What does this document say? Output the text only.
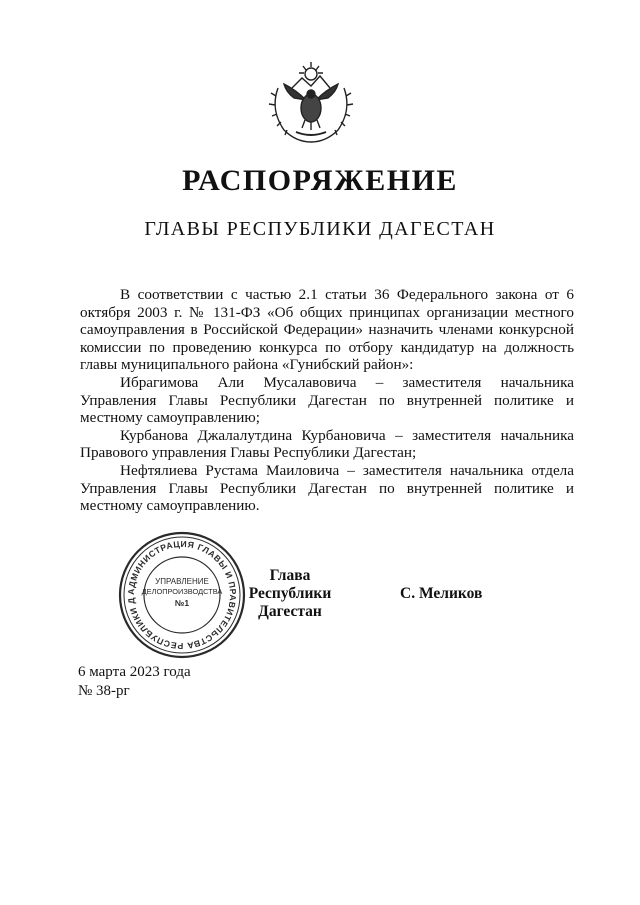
РАСПОРЯЖЕНИЕ
ГЛАВЫ РЕСПУБЛИКИ ДАГЕСТАН

В соответствии с частью 2.1 статьи 36 Федерального закона от 6 октября 2003 г. № 131-ФЗ «Об общих принципах организации местного самоуправления в Российской Федерации» назначить членами конкурсной комиссии по проведению конкурса по отбору кандидатур на должность главы муниципального района «Гунибский район»:

Ибрагимова Али Мусалавовича – заместителя начальника Управления Главы Республики Дагестан по внутренней политике и местному самоуправлению;

Курбанова Джалалутдина Курбановича – заместителя начальника Правового управления Главы Республики Дагестан;

Нефтялиева Рустама Маиловича – заместителя начальника отдела Управления Главы Республики Дагестан по внутренней политике и местному самоуправлению.

АДМИНИСТРАЦИЯ ГЛАВЫ И ПРАВИТЕЛЬСТВА РЕСПУБЛИКИ Д
УПРАВЛЕНИЕ
ДЕЛОПРОИЗВОДСТВА
№1
Глава
Республики Дагестан
С. Меликов
6 марта 2023 года
№ 38-рг
